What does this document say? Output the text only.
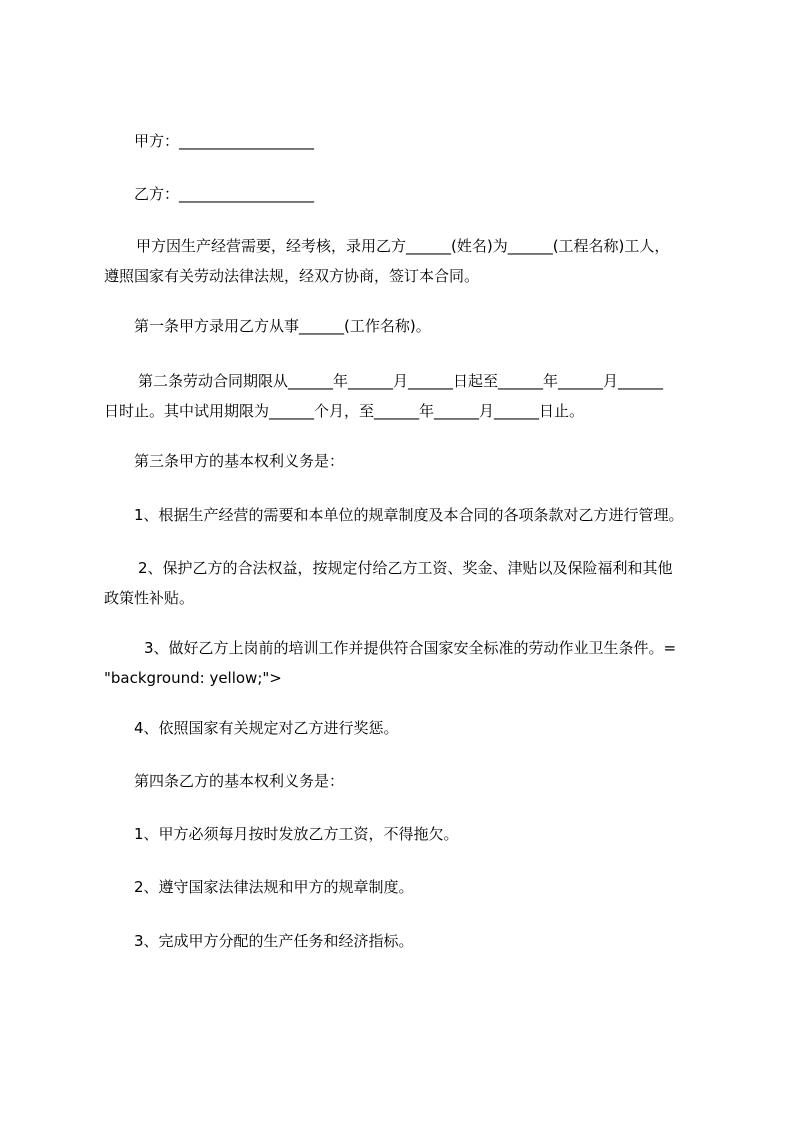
甲方：__________________
乙方：__________________
甲方因生产经营需要，经考核，录用乙方______(姓名)为______(工程名称)工人，
遵照国家有关劳动法律法规，经双方协商，签订本合同。
第一条甲方录用乙方从事______(工作名称)。
第二条劳动合同期限从______年______月______日起至______年______月______
日时止。其中试用期限为______个月，至______年______月______日止。
第三条甲方的基本权利义务是：
1、根据生产经营的需要和本单位的规章制度及本合同的各项条款对乙方进行管理。
2、保护乙方的合法权益，按规定付给乙方工资、奖金、津贴以及保险福利和其他
政策性补贴。
3、做好乙方上岗前的培训工作并提供符合国家安全标准的劳动作业卫生条件。=
"background: yellow;">
4、依照国家有关规定对乙方进行奖惩。
第四条乙方的基本权利义务是：
1、甲方必须每月按时发放乙方工资，不得拖欠。
2、遵守国家法律法规和甲方的规章制度。
3、完成甲方分配的生产任务和经济指标。
